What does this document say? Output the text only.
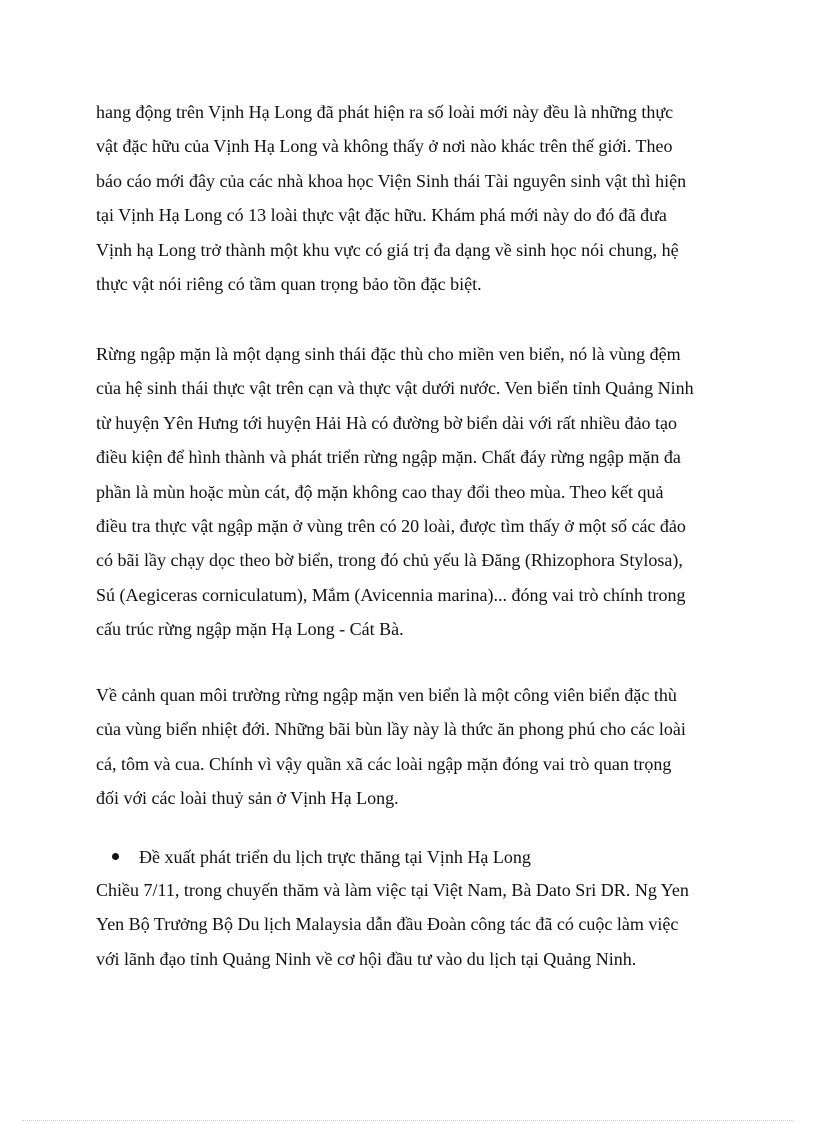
hang động trên Vịnh Hạ Long đã phát hiện ra số loài mới này đều là những thực
vật đặc hữu của Vịnh Hạ Long và không thấy ở nơi nào khác trên thế giới. Theo
báo cáo mới đây của các nhà khoa học Viện Sinh thái Tài nguyên sinh vật thì hiện
tại Vịnh Hạ Long có 13 loài thực vật đặc hữu. Khám phá mới này do đó đã đưa
Vịnh hạ Long trở thành một khu vực có giá trị đa dạng về sinh học nói chung, hệ
thực vật nói riêng có tầm quan trọng bảo tồn đặc biệt.
Rừng ngập mặn là một dạng sinh thái đặc thù cho miền ven biển, nó là vùng đệm
của hệ sinh thái thực vật trên cạn và thực vật dưới nước. Ven biển tỉnh Quảng Ninh
từ huyện Yên Hưng tới huyện Hải Hà có đường bờ biển dài với rất nhiều đảo tạo
điều kiện để hình thành và phát triển rừng ngập mặn. Chất đáy rừng ngập mặn đa
phần là mùn hoặc mùn cát, độ mặn không cao thay đổi theo mùa. Theo kết quả
điều tra thực vật ngập mặn ở vùng trên có 20 loài, được tìm thấy ở một số các đảo
có bãi lầy chạy dọc theo bờ biển, trong đó chủ yếu là Đăng (Rhizophora Stylosa),
Sú (Aegiceras corniculatum), Mắm (Avicennia marina)... đóng vai trò chính trong
cấu trúc rừng ngập mặn Hạ Long - Cát Bà.
Về cảnh quan môi trường rừng ngập mặn ven biển là một công viên biển đặc thù
của vùng biển nhiệt đới. Những bãi bùn lầy này là thức ăn phong phú cho các loài
cá, tôm và cua. Chính vì vậy quần xã các loài ngập mặn đóng vai trò quan trọng
đối với các loài thuỷ sản ở Vịnh Hạ Long.
Đề xuất phát triển du lịch trực thăng tại Vịnh Hạ Long
Chiều 7/11, trong chuyến thăm và làm việc tại Việt Nam, Bà Dato Sri DR. Ng Yen
Yen Bộ Trưởng Bộ Du lịch Malaysia dẫn đầu Đoàn công tác đã có cuộc làm việc
với lãnh đạo tỉnh Quảng Ninh về cơ hội đầu tư vào du lịch tại Quảng Ninh.
